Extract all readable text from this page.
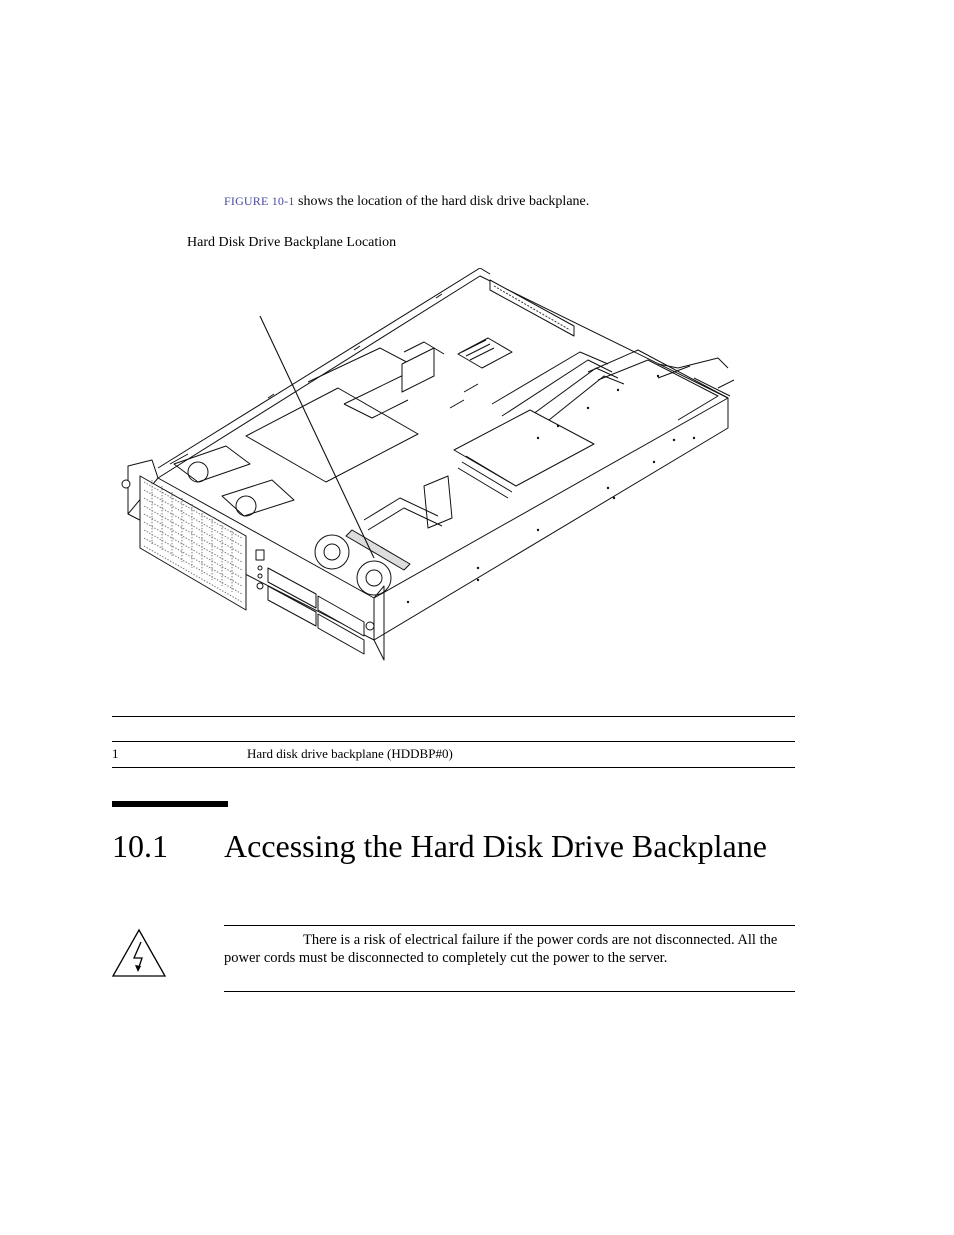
FIGURE 10-1 shows the location of the hard disk drive backplane.
Hard Disk Drive Backplane Location
1	Hard disk drive backplane (HDDBP#0)
10.1 Accessing the Hard Disk Drive Backplane
There is a risk of electrical failure if the power cords are not disconnected. All the power cords must be disconnected to completely cut the power to the server.
